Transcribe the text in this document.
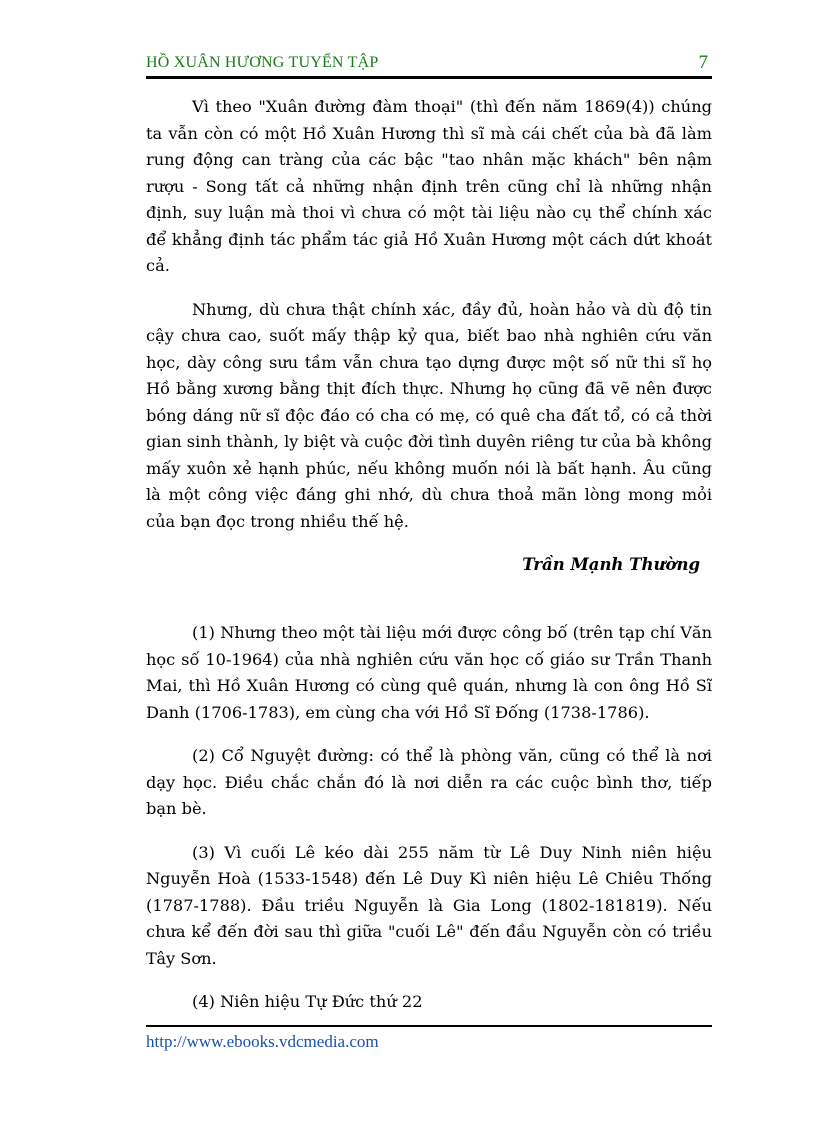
HỒ XUÂN HƯƠNG TUYỂN TẬP	7

Vì theo "Xuân đường đàm thoại" (thì đến năm 1869(4)) chúng ta vẫn còn có một Hồ Xuân Hương thì sĩ mà cái chết của bà đã làm rung động can tràng của các bậc "tao nhân mặc khách" bên nậm rượu - Song tất cả những nhận định trên cũng chỉ là những nhận định, suy luận mà thoi vì chưa có một tài liệu nào cụ thể chính xác để khẳng định tác phẩm tác giả Hồ Xuân Hương một cách dứt khoát cả.

Nhưng, dù chưa thật chính xác, đầy đủ, hoàn hảo và dù độ tin cậy chưa cao, suốt mấy thập kỷ qua, biết bao nhà nghiên cứu văn học, dày công sưu tầm vẫn chưa tạo dựng được một số nữ thi sĩ họ Hồ bằng xương bằng thịt đích thực. Nhưng họ cũng đã vẽ nên được bóng dáng nữ sĩ độc đáo có cha có mẹ, có quê cha đất tổ, có cả thời gian sinh thành, ly biệt và cuộc đời tình duyên riêng tư của bà không mấy xuôn xẻ hạnh phúc, nếu không muốn nói là bất hạnh. Âu cũng là một công việc đáng ghi nhớ, dù chưa thoả mãn lòng mong mỏi của bạn đọc trong nhiều thế hệ.

Trần Mạnh Thường

(1) Nhưng theo một tài liệu mới được công bố (trên tạp chí Văn học số 10-1964) của nhà nghiên cứu văn học cố giáo sư Trần Thanh Mai, thì Hồ Xuân Hương có cùng quê quán, nhưng là con ông Hồ Sĩ Danh (1706-1783), em cùng cha với Hồ Sĩ Đống (1738-1786).

(2) Cổ Nguyệt đường: có thể là phòng văn, cũng có thể là nơi dạy học. Điều chắc chắn đó là nơi diễn ra các cuộc bình thơ, tiếp bạn bè.

(3) Vì cuối Lê kéo dài 255 năm từ Lê Duy Ninh niên hiệu Nguyễn Hoà (1533-1548) đến Lê Duy Kì niên hiệu Lê Chiêu Thống (1787-1788). Đầu triều Nguyễn là Gia Long (1802-181819). Nếu chưa kể đến đời sau thì giữa "cuối Lê" đến đầu Nguyễn còn có triều Tây Sơn.

(4) Niên hiệu Tự Đức thứ 22

http://www.ebooks.vdcmedia.com
